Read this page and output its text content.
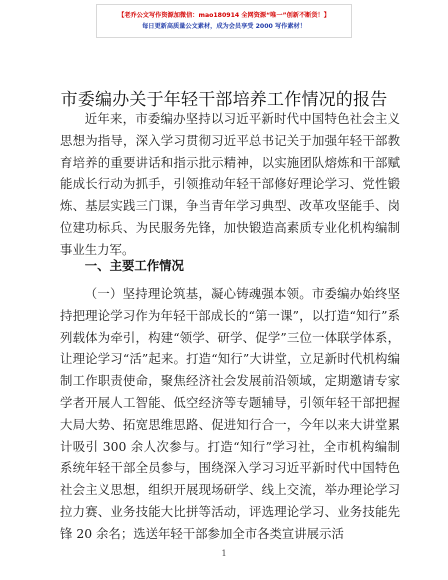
【老乔公文写作资源加微信：mao180914 全网资源“唯一”创新不断货！】
每日更新高质量公文素材，成为会员享受 2000 写作素材！
市委编办关于年轻干部培养工作情况的报告
近年来，市委编办坚持以习近平新时代中国特色社会主义思想为指导，深入学习贯彻习近平总书记关于加强年轻干部教育培养的重要讲话和指示批示精神，以实施团队熔炼和干部赋能成长行动为抓手，引领推动年轻干部修好理论学习、党性锻炼、基层实践三门课，争当青年学习典型、改革攻坚能手、岗位建功标兵、为民服务先锋，加快锻造高素质专业化机构编制事业生力军。
一、主要工作情况
（一）坚持理论筑基，凝心铸魂强本领。市委编办始终坚持把理论学习作为年轻干部成长的“第一课”，以打造“知行”系列载体为牵引，构建“领学、研学、促学”三位一体联学体系，让理论学习“活”起来。打造“知行”大讲堂，立足新时代机构编制工作职责使命，聚焦经济社会发展前沿领域，定期邀请专家学者开展人工智能、低空经济等专题辅导，引领年轻干部把握大局大势、拓宽思维思路、促进知行合一，今年以来大讲堂累计吸引 300 余人次参与。打造“知行”学习社，全市机构编制系统年轻干部全员参与，围绕深入学习习近平新时代中国特色社会主义思想，组织开展现场研学、线上交流，举办理论学习拉力赛、业务技能大比拼等活动，评选理论学习、业务技能先锋 20 余名；选送年轻干部参加全市各类宣讲展示活
1
